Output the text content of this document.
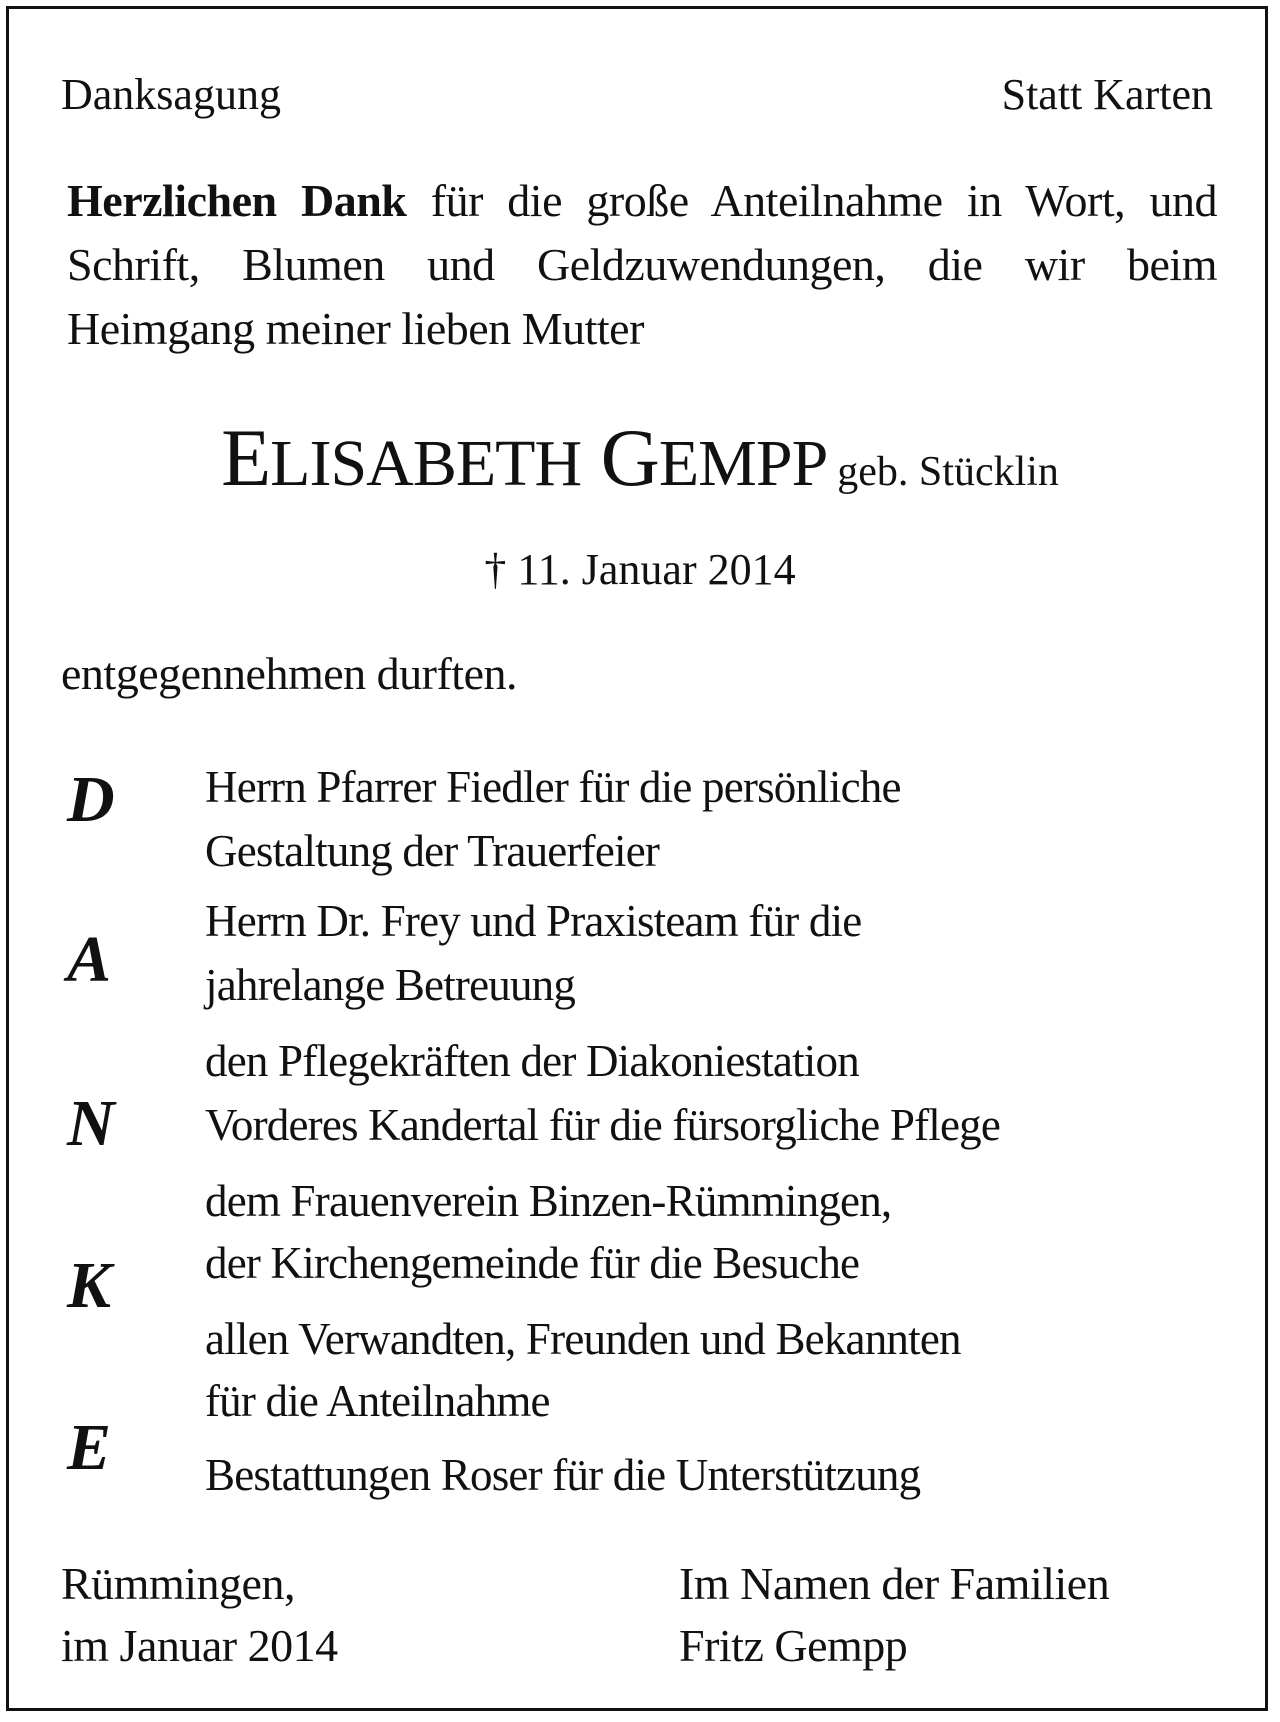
Danksagung	Statt Karten
Herzlichen Dank für die große Anteilnahme in Wort, und Schrift, Blumen und Geldzuwendungen, die wir beim Heimgang meiner lieben Mutter
ELISABETH GEMPP geb. Stücklin
† 11. Januar 2014
entgegennehmen durften.
D
A
N
K
E
Herrn Pfarrer Fiedler für die persönliche
Gestaltung der Trauerfeier
Herrn Dr. Frey und Praxisteam für die
jahrelange Betreuung
den Pflegekräften der Diakoniestation
Vorderes Kandertal für die fürsorgliche Pflege
dem Frauenverein Binzen-Rümmingen,
der Kirchengemeinde für die Besuche
allen Verwandten, Freunden und Bekannten
für die Anteilnahme
Bestattungen Roser für die Unterstützung
Rümmingen,
im Januar 2014
Im Namen der Familien
Fritz Gempp
